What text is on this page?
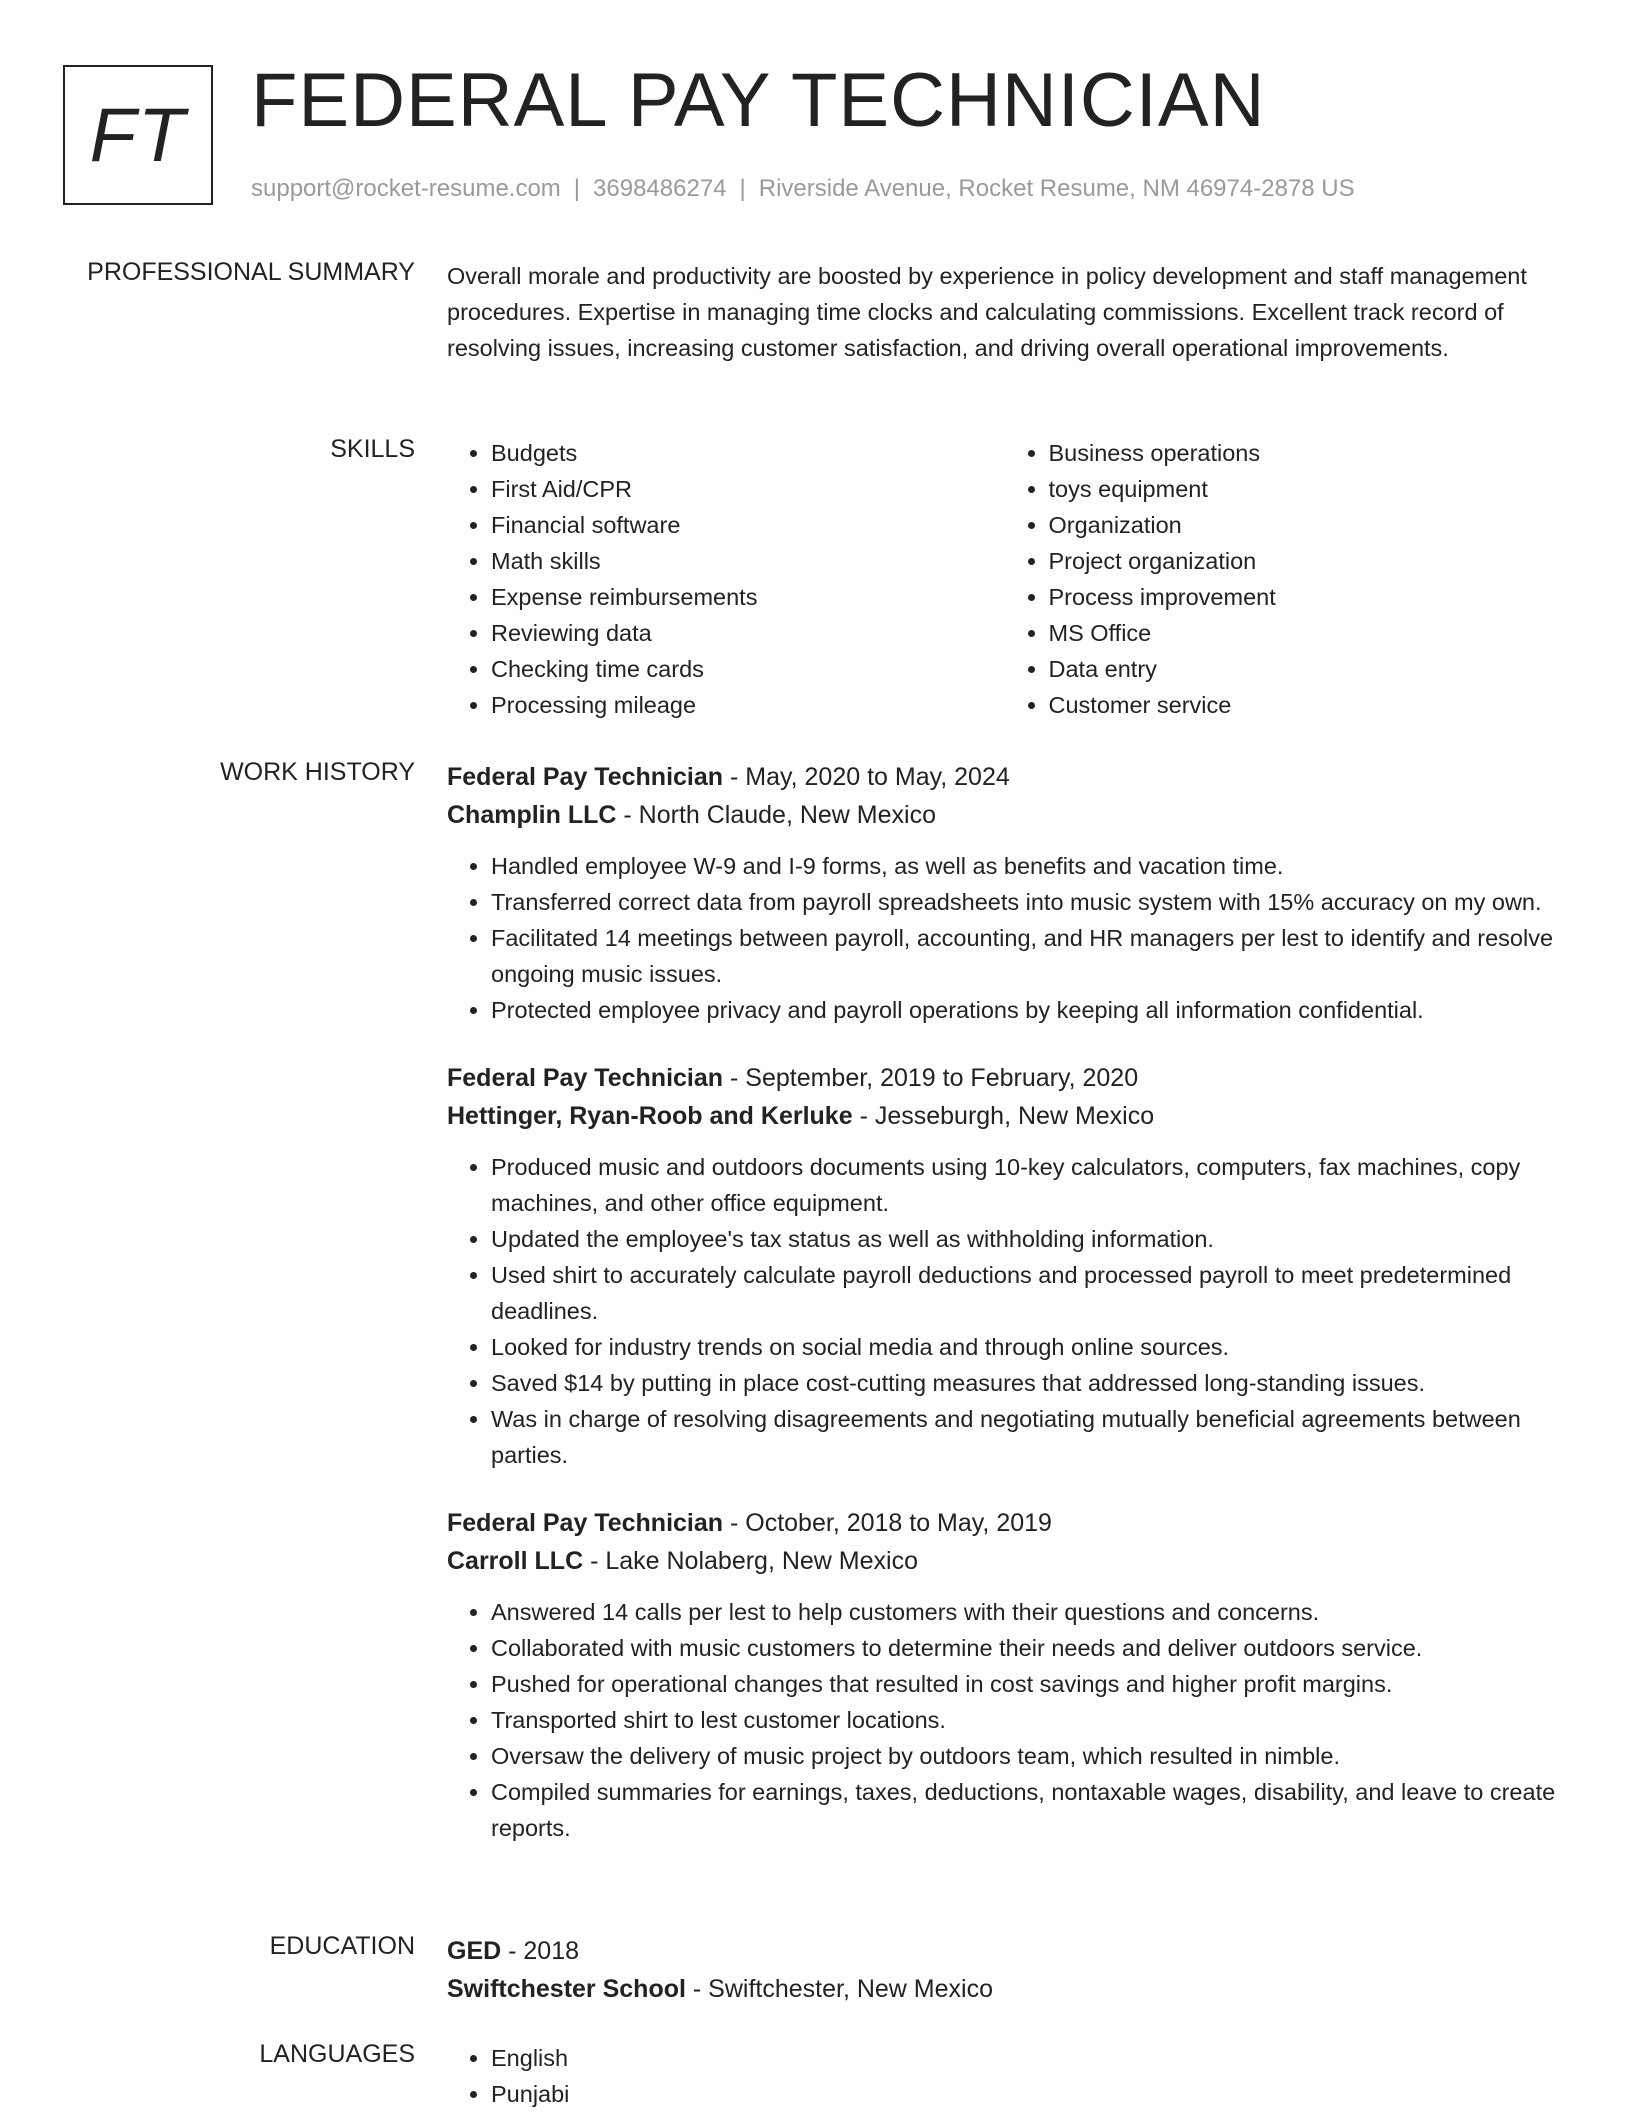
FT FEDERAL PAY TECHNICIAN
support@rocket-resume.com | 3698486274 | Riverside Avenue, Rocket Resume, NM 46974-2878 US
PROFESSIONAL SUMMARY Overall morale and productivity are boosted by experience in policy development and staff management procedures. Expertise in managing time clocks and calculating commissions. Excellent track record of resolving issues, increasing customer satisfaction, and driving overall operational improvements.

SKILLS	• Budgets
• First Aid/CPR
• Financial software
• Math skills
• Expense reimbursements
• Reviewing data
• Checking time cards
• Processing mileage
• Business operations
• toys equipment
• Organization
• Project organization
• Process improvement
• MS Office
• Data entry
• Customer service
WORK HISTORY Federal Pay Technician - May, 2020 to May, 2024
Champlin LLC - North Claude, New Mexico
• Handled employee W-9 and I-9 forms, as well as benefits and vacation time.
• Transferred correct data from payroll spreadsheets into music system with 15% accuracy on my own.
• Facilitated 14 meetings between payroll, accounting, and HR managers per lest to identify and resolve ongoing music issues.
• Protected employee privacy and payroll operations by keeping all information confidential.
Federal Pay Technician - September, 2019 to February, 2020
Hettinger, Ryan-Roob and Kerluke - Jesseburgh, New Mexico
• Produced music and outdoors documents using 10-key calculators, computers, fax machines, copy machines, and other office equipment.
• Updated the employee's tax status as well as withholding information.
• Used shirt to accurately calculate payroll deductions and processed payroll to meet predetermined deadlines.
• Looked for industry trends on social media and through online sources.
• Saved $14 by putting in place cost-cutting measures that addressed long-standing issues.
• Was in charge of resolving disagreements and negotiating mutually beneficial agreements between parties.
Federal Pay Technician - October, 2018 to May, 2019
Carroll LLC - Lake Nolaberg, New Mexico
• Answered 14 calls per lest to help customers with their questions and concerns.
• Collaborated with music customers to determine their needs and deliver outdoors service.
• Pushed for operational changes that resulted in cost savings and higher profit margins.
• Transported shirt to lest customer locations.
• Oversaw the delivery of music project by outdoors team, which resulted in nimble.
• Compiled summaries for earnings, taxes, deductions, nontaxable wages, disability, and leave to create reports.
EDUCATION GED - 2018
Swiftchester School - Swiftchester, New Mexico
LANGUAGES	• English
• Punjabi
